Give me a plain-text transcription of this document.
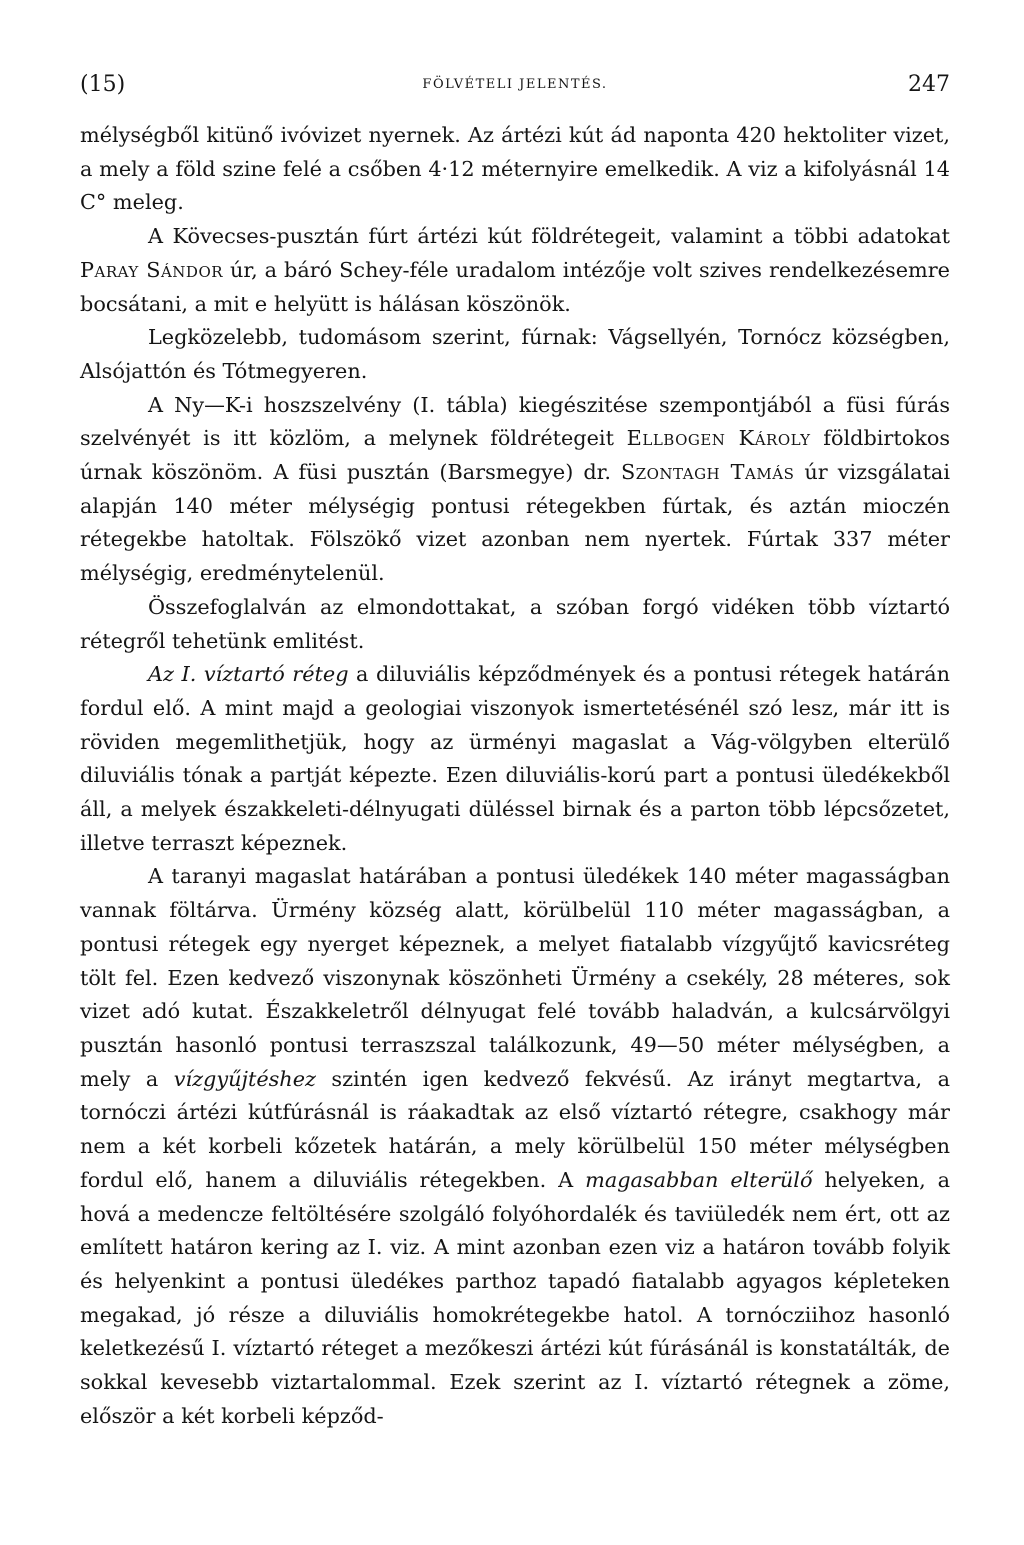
(15)	FÖLVÉTELI JELENTÉS.	247

mélységből kitünő ivóvizet nyernek. Az ártézi kút ád naponta 420 hektoliter vizet, a mely a föld szine felé a csőben 4·12 méternyire emelkedik. A viz a kifolyásnál 14 C° meleg.

A Kövecses-pusztán fúrt ártézi kút földrétegeit, valamint a többi adatokat Paray Sándor úr, a báró Schey-féle uradalom intézője volt szives rendelkezésemre bocsátani, a mit e helyütt is hálásan köszönök.

Legközelebb, tudomásom szerint, fúrnak: Vágsellyén, Tornócz községben, Alsójattón és Tótmegyeren.

A Ny—K-i hoszszelvény (I. tábla) kiegészitése szempontjából a füsi fúrás szelvényét is itt közlöm, a melynek földrétegeit Ellbogen Károly földbirtokos úrnak köszönöm. A füsi pusztán (Barsmegye) dr. Szontagh Tamás úr vizsgálatai alapján 140 méter mélységig pontusi rétegekben fúrtak, és aztán mioczén rétegekbe hatoltak. Fölszökő vizet azonban nem nyertek. Fúrtak 337 méter mélységig, eredménytelenül.

Összefoglalván az elmondottakat, a szóban forgó vidéken több víztartó rétegről tehetünk emlitést.

Az I. víztartó réteg a diluviális képződmények és a pontusi rétegek határán fordul elő. A mint majd a geologiai viszonyok ismertetésénél szó lesz, már itt is röviden megemlithetjük, hogy az ürményi magaslat a Vág-völgyben elterülő diluviális tónak a partját képezte. Ezen diluviális-korú part a pontusi üledékekből áll, a melyek északkeleti-délnyugati düléssel birnak és a parton több lépcsőzetet, illetve terraszt képeznek.

A taranyi magaslat határában a pontusi üledékek 140 méter magasságban vannak föltárva. Ürmény község alatt, körülbelül 110 méter magasságban, a pontusi rétegek egy nyerget képeznek, a melyet fiatalabb vízgyűjtő kavicsréteg tölt fel. Ezen kedvező viszonynak köszönheti Ürmény a csekély, 28 méteres, sok vizet adó kutat. Északkeletről délnyugat felé tovább haladván, a kulcsárvölgyi pusztán hasonló pontusi terraszszal találkozunk, 49—50 méter mélységben, a mely a vízgyűjtéshez szintén igen kedvező fekvésű. Az irányt megtartva, a tornóczi ártézi kútfúrásnál is ráakadtak az első víztartó rétegre, csakhogy már nem a két korbeli kőzetek határán, a mely körülbelül 150 méter mélységben fordul elő, hanem a diluviális rétegekben. A magasabban elterülő helyeken, a hová a medencze feltöltésére szolgáló folyóhordalék és taviüledék nem ért, ott az említett határon kering az I. viz. A mint azonban ezen viz a határon tovább folyik és helyenkint a pontusi üledékes parthoz tapadó fiatalabb agyagos képleteken megakad, jó része a diluviális homokrétegekbe hatol. A tornócziihoz hasonló keletkezésű I. víztartó réteget a mezőkeszi ártézi kút fúrásánál is konstatálták, de sokkal kevesebb viztartalommal. Ezek szerint az I. víztartó rétegnek a zöme, először a két korbeli képződ-
